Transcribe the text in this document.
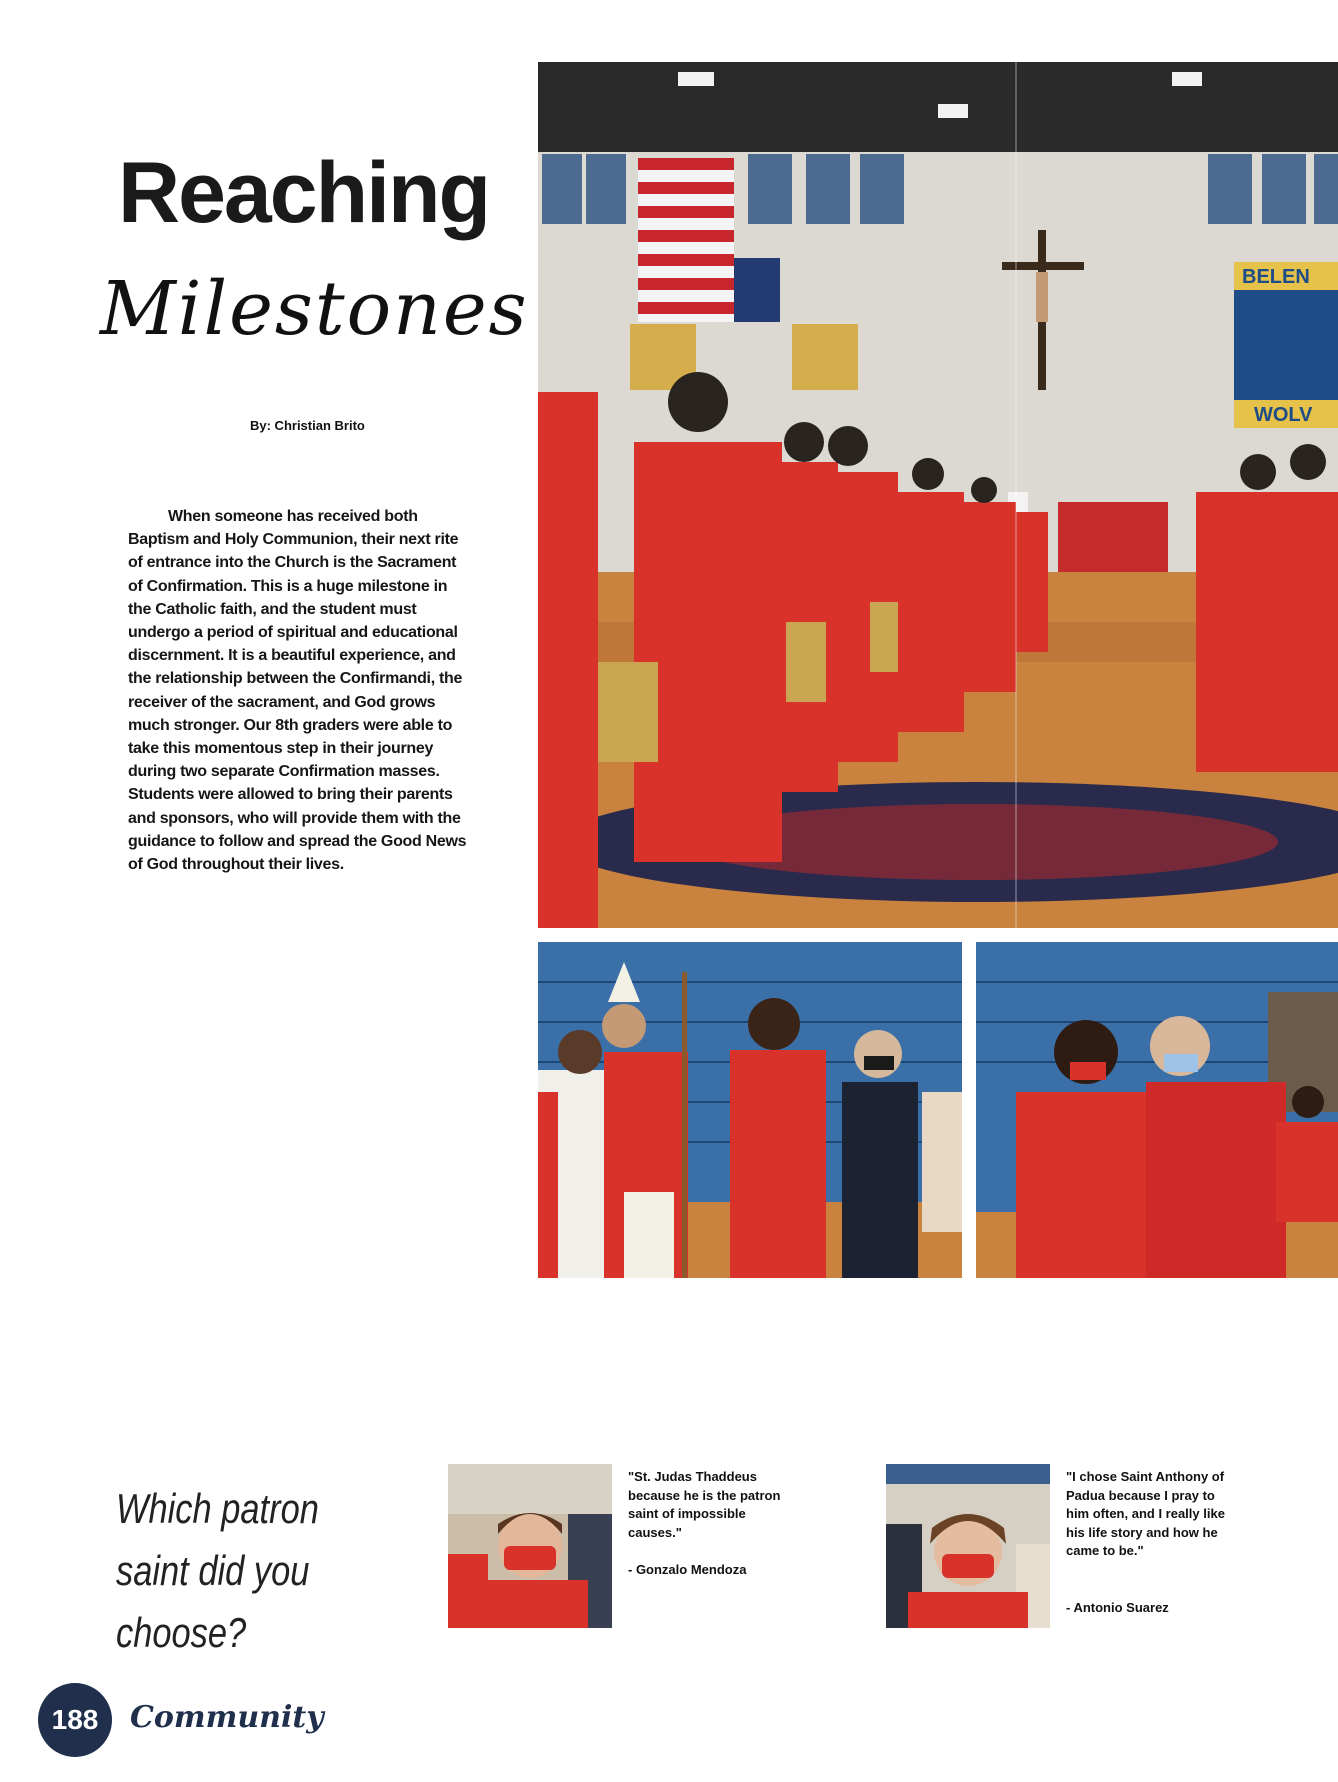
Reaching
Milestones
By: Christian Brito
When someone has received both Baptism and Holy Communion, their next rite of entrance into the Church is the Sacrament of Confirmation. This is a huge milestone in the Catholic faith, and the student must undergo a period of spiritual and educational discernment. It is a beautiful experience, and the relationship between the Confirmandi, the receiver of the sacrament, and God grows much stronger. Our 8th graders were able to take this momentous step in their journey during two separate Confirmation masses. Students were allowed to bring their parents and sponsors, who will provide them with the guidance to follow and spread the Good News of God throughout their lives.
BELEN
WOLV
Which patron saint did you choose?
"St. Judas Thaddeus because he is the patron saint of impossible causes."
- Gonzalo Mendoza
"I chose Saint Anthony of Padua because I pray to him often, and I really like his life story and how he came to be."
- Antonio Suarez
188	Community
